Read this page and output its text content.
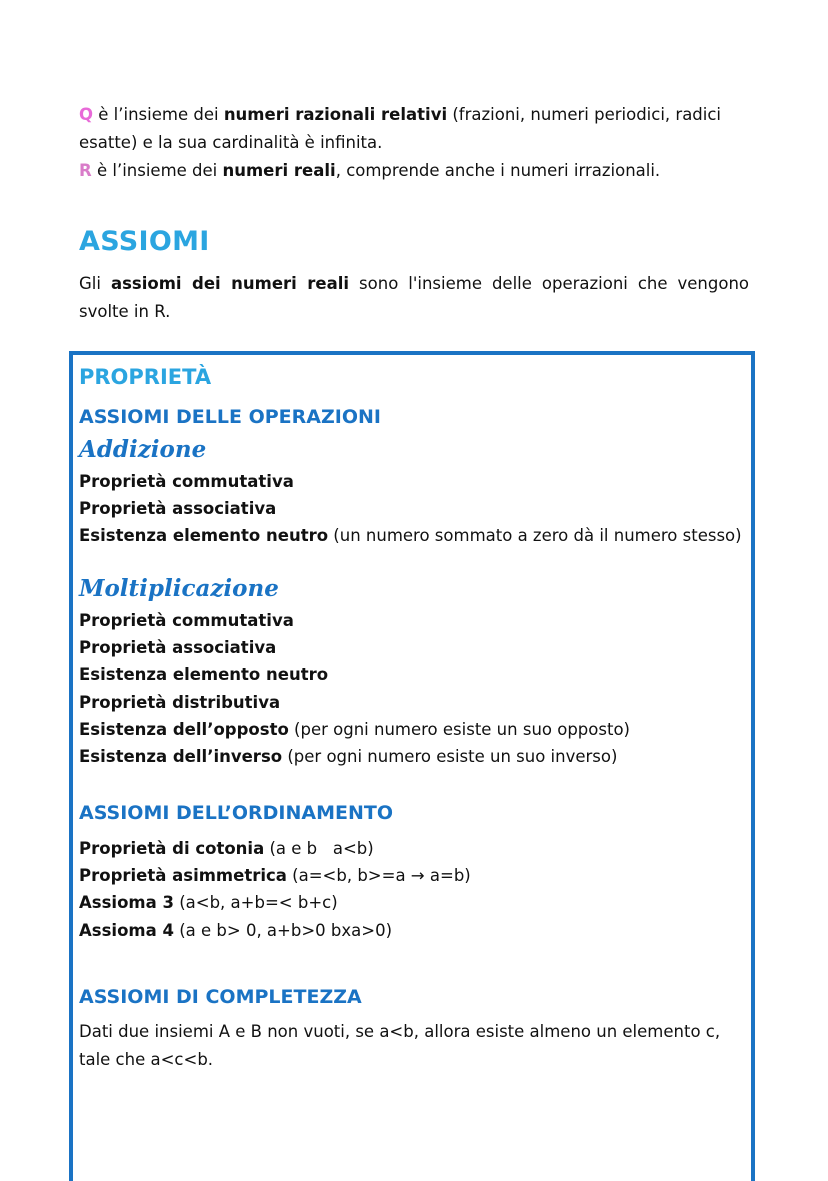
Q è l’insieme dei numeri razionali relativi (frazioni, numeri periodici, radici esatte) e la sua cardinalità è infinita.
R è l’insieme dei numeri reali, comprende anche i numeri irrazionali.
ASSIOMI
Gli assiomi dei numeri reali sono l'insieme delle operazioni che vengono svolte in R.
PROPRIETÀ
ASSIOMI DELLE OPERAZIONI
Addizione
Proprietà commutativa
Proprietà associativa
Esistenza elemento neutro (un numero sommato a zero dà il numero stesso)
Moltiplicazione
Proprietà commutativa
Proprietà associativa
Esistenza elemento neutro
Proprietà distributiva
Esistenza dell’opposto (per ogni numero esiste un suo opposto)
Esistenza dell’inverso (per ogni numero esiste un suo inverso)
ASSIOMI DELL’ORDINAMENTO
Proprietà di cotonia (a e b   a<b)
Proprietà asimmetrica (a=<b, b>=a → a=b)
Assioma 3 (a<b, a+b=< b+c)
Assioma 4 (a e b> 0, a+b>0 bxa>0)
ASSIOMI DI COMPLETEZZA
Dati due insiemi A e B non vuoti, se a<b, allora esiste almeno un elemento c, tale che a<c<b.
